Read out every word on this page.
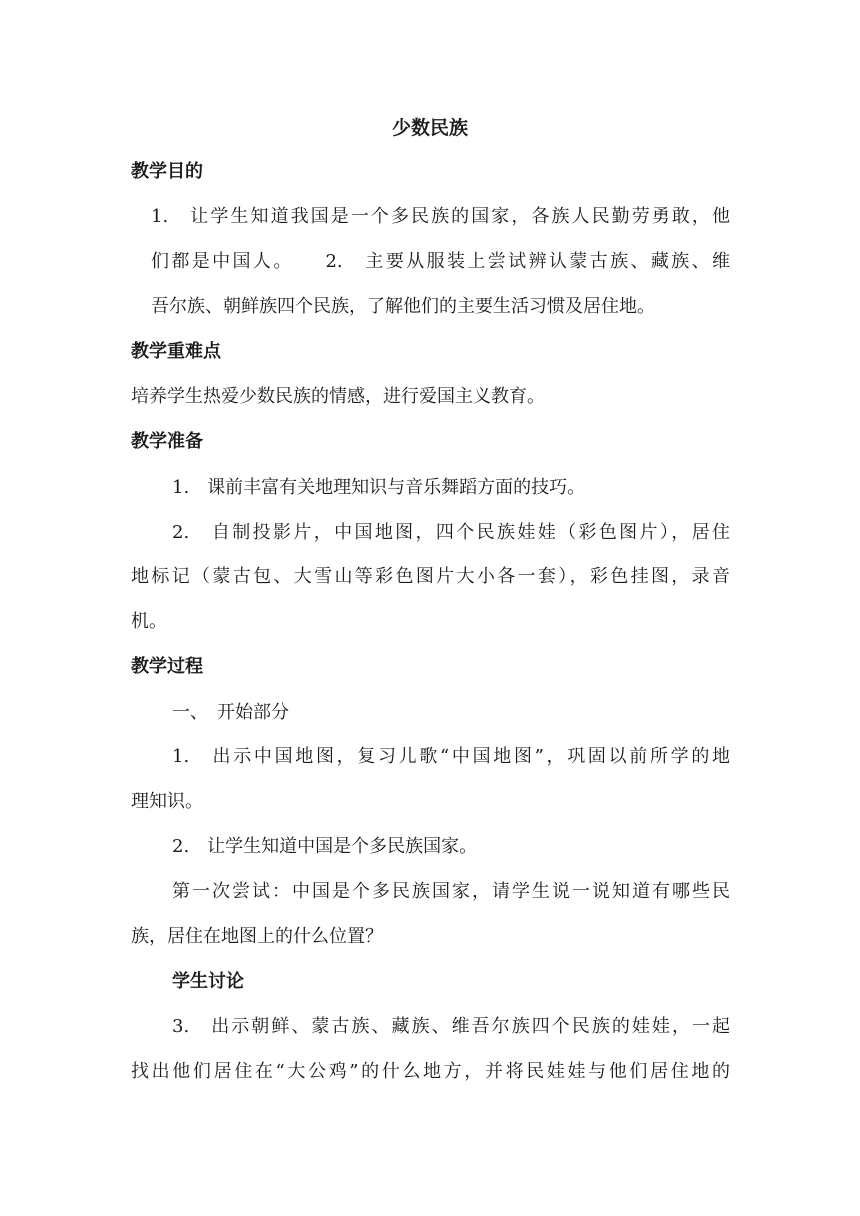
少数民族
教学目的
1.　让学生知道我国是一个多民族的国家，各族人民勤劳勇敢，他
们都是中国人。　　2.　主要从服装上尝试辨认蒙古族、藏族、维
吾尔族、朝鲜族四个民族，了解他们的主要生活习惯及居住地。
教学重难点
培养学生热爱少数民族的情感，进行爱国主义教育。
教学准备
1.　课前丰富有关地理知识与音乐舞蹈方面的技巧。
2.　自制投影片，中国地图，四个民族娃娃（彩色图片），居住
地标记（蒙古包、大雪山等彩色图片大小各一套），彩色挂图，录音
机。
教学过程
一、　开始部分
1.　出示中国地图，复习儿歌“中国地图”，巩固以前所学的地
理知识。
2.　让学生知道中国是个多民族国家。
第一次尝试：中国是个多民族国家，请学生说一说知道有哪些民
族，居住在地图上的什么位置？
学生讨论
3.　出示朝鲜、蒙古族、藏族、维吾尔族四个民族的娃娃，一起
找出他们居住在“大公鸡”的什么地方，并将民娃娃与他们居住地的
